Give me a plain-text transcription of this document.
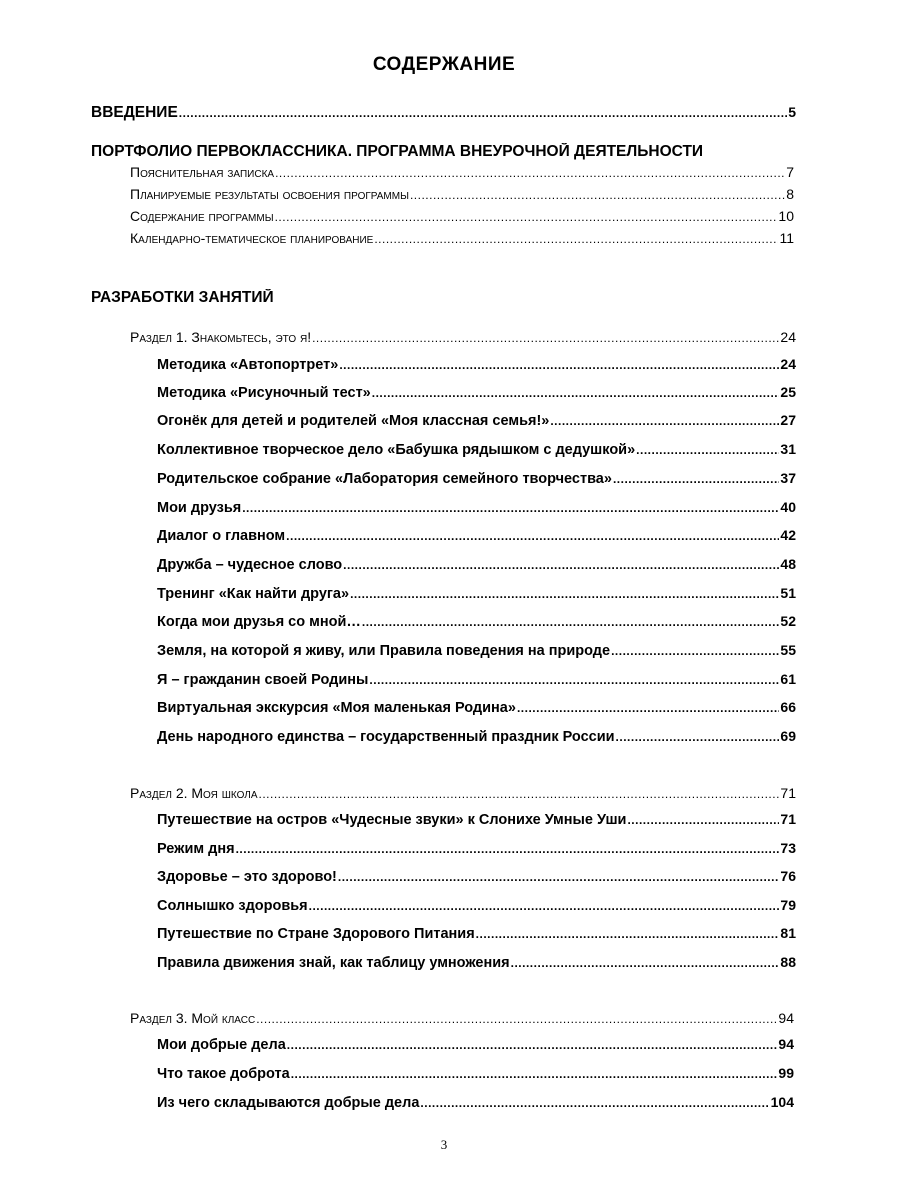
СОДЕРЖАНИЕ
ВВЕДЕНИЕ .....	5
ПОРТФОЛИО ПЕРВОКЛАССНИКА. ПРОГРАММА ВНЕУРОЧНОЙ ДЕЯТЕЛЬНОСТИ
Пояснительная записка .....	7
Планируемые результаты освоения программы .....	8
Содержание программы .....	10
Календарно-тематическое планирование .....	11
РАЗРАБОТКИ ЗАНЯТИЙ
Раздел 1. Знакомьтесь, это я! .....	24
Методика «Автопортрет» .....	24
Методика «Рисуночный тест» .....	25
Огонёк для детей и родителей «Моя классная семья!» .....	27
Коллективное творческое дело «Бабушка рядышком с дедушкой» .....	31
Родительское собрание «Лаборатория семейного творчества» .....	37
Мои друзья .....	40
Диалог о главном .....	42
Дружба – чудесное слово .....	48
Тренинг «Как найти друга» .....	51
Когда мои друзья со мной… .....	52
Земля, на которой я живу, или Правила поведения на природе .....	55
Я – гражданин своей Родины .....	61
Виртуальная экскурсия «Моя маленькая Родина» .....	66
День народного единства – государственный праздник России .....	69
Раздел 2. Моя школа .....	71
Путешествие на остров «Чудесные звуки» к Слонихе Умные Уши .....	71
Режим дня .....	73
Здоровье – это здорово! .....	76
Солнышко здоровья .....	79
Путешествие по Стране Здорового Питания .....	81
Правила движения знай, как таблицу умножения .....	88
Раздел 3. Мой класс .....	94
Мои добрые дела .....	94
Что такое доброта .....	99
Из чего складываются добрые дела .....	104
3
